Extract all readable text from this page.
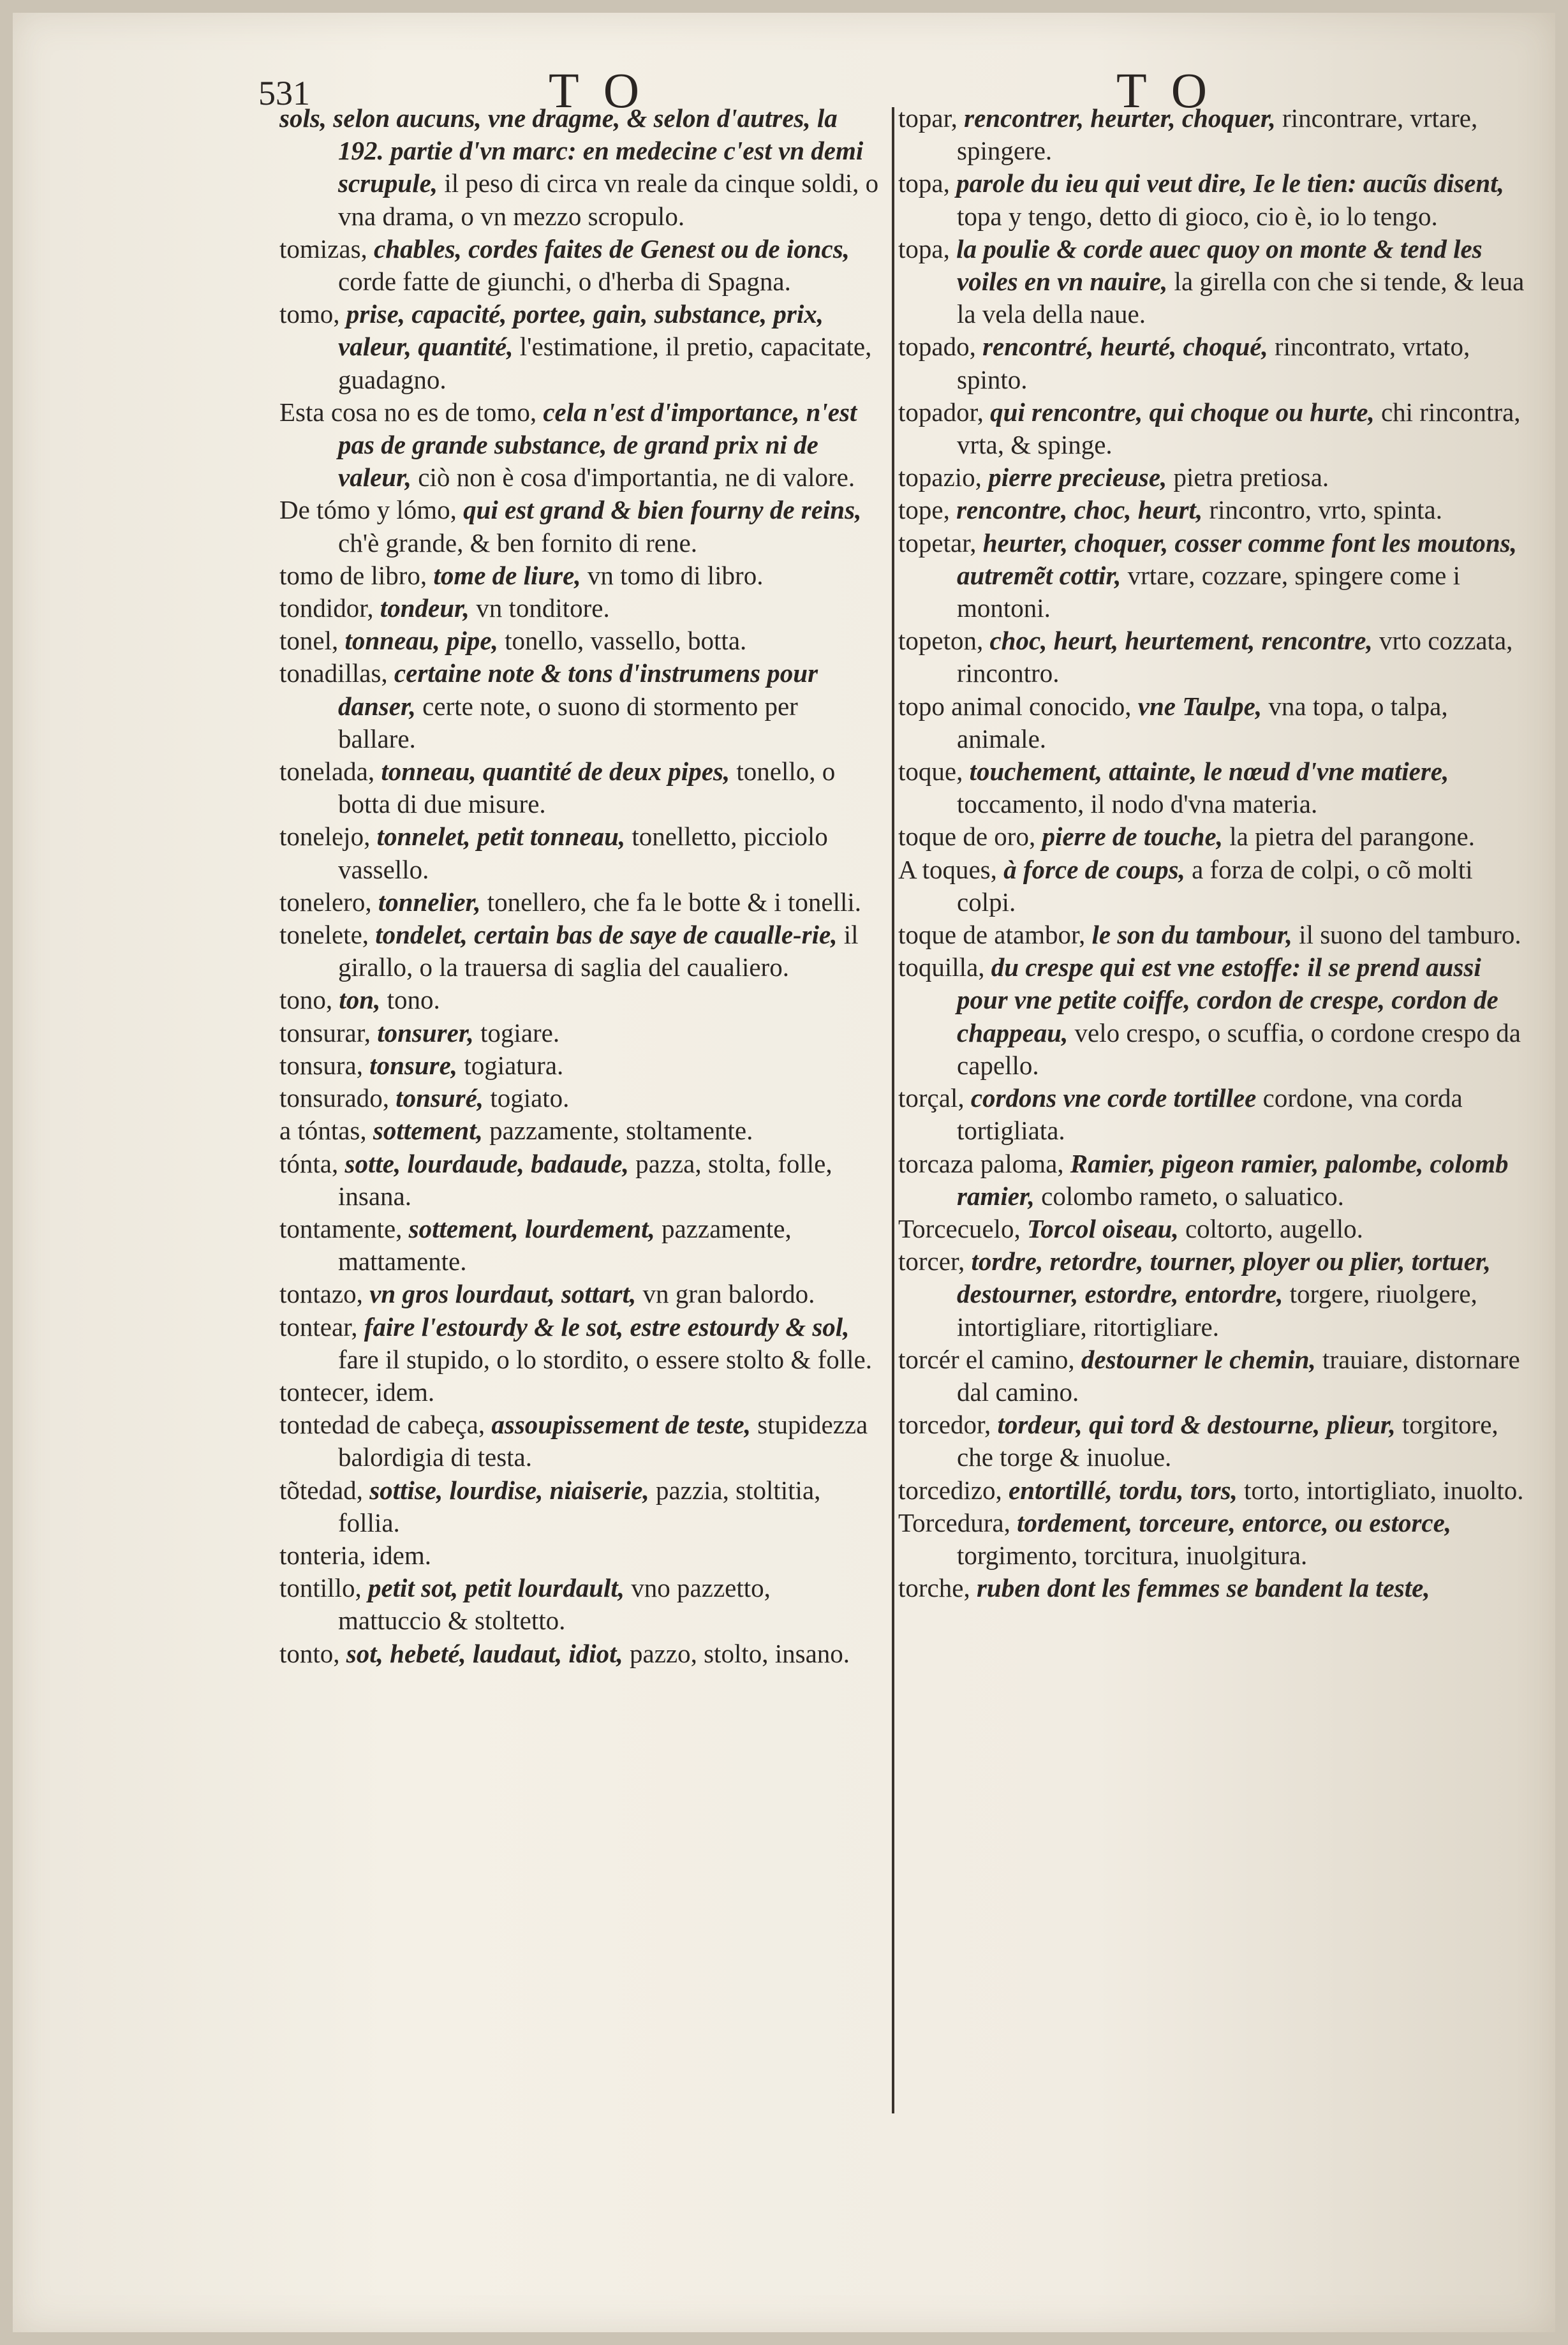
531	T O	T O

sols, selon aucuns, vne dragme, & selon d'autres, la 192. partie d'vn marc: en medecine c'est vn demi scrupule, il peso di circa vn reale da cinque soldi, o vna drama, o vn mezzo scropulo.

tomizas, chables, cordes faites de Genest ou de ioncs, corde fatte de giunchi, o d'herba di Spagna.

tomo, prise, capacité, portee, gain, substance, prix, valeur, quantité, l'estimatione, il pretio, capacitate, guadagno.

Esta cosa no es de tomo, cela n'est d'importance, n'est pas de grande substance, de grand prix ni de valeur, ciò non è cosa d'importantia, ne di valore.

De tómo y lómo, qui est grand & bien fourny de reins, ch'è grande, & ben fornito di rene.

tomo de libro, tome de liure, vn tomo di libro.

tondidor, tondeur, vn tonditore.

tonel, tonneau, pipe, tonello, vassello, botta.

tonadillas, certaine note & tons d'instrumens pour danser, certe note, o suono di stormento per ballare.

tonelada, tonneau, quantité de deux pipes, tonello, o botta di due misure.

tonelejo, tonnelet, petit tonneau, tonelletto, picciolo vassello.

tonelero, tonnelier, tonellero, che fa le botte & i tonelli.

tonelete, tondelet, certain bas de saye de caualle-rie, il girallo, o la trauersa di saglia del caualiero.

tono, ton, tono.

tonsurar, tonsurer, togiare.

tonsura, tonsure, togiatura.

tonsurado, tonsuré, togiato.

a tóntas, sottement, pazzamente, stoltamente.

tónta, sotte, lourdaude, badaude, pazza, stolta, folle, insana.

tontamente, sottement, lourdement, pazzamente, mattamente.

tontazo, vn gros lourdaut, sottart, vn gran balordo.

tontear, faire l'estourdy & le sot, estre estourdy & sol, fare il stupido, o lo stordito, o essere stolto & folle.

tontecer, idem.

tontedad de cabeça, assoupissement de teste, stupidezza balordigia di testa.

tõtedad, sottise, lourdise, niaiserie, pazzia, stoltitia, follia.

tonteria, idem.

tontillo, petit sot, petit lourdault, vno pazzetto, mattuccio & stoltetto.

tonto, sot, hebeté, laudaut, idiot, pazzo, stolto, insano.

topar, rencontrer, heurter, choquer, rincontrare, vrtare, spingere.

topa, parole du ieu qui veut dire, Ie le tien: aucũs disent, topa y tengo, detto di gioco, cio è, io lo tengo.

topa, la poulie & corde auec quoy on monte & tend les voiles en vn nauire, la girella con che si tende, & leua la vela della naue.

topado, rencontré, heurté, choqué, rincontrato, vrtato, spinto.

topador, qui rencontre, qui choque ou hurte, chi rincontra, vrta, & spinge.

topazio, pierre precieuse, pietra pretiosa.

tope, rencontre, choc, heurt, rincontro, vrto, spinta.

topetar, heurter, choquer, cosser comme font les moutons, autremẽt cottir, vrtare, cozzare, spingere come i montoni.

topeton, choc, heurt, heurtement, rencontre, vrto cozzata, rincontro.

topo animal conocido, vne Taulpe, vna topa, o talpa, animale.

toque, touchement, attainte, le nœud d'vne matiere, toccamento, il nodo d'vna materia.

toque de oro, pierre de touche, la pietra del parangone.

A toques, à force de coups, a forza de colpi, o cõ molti colpi.

toque de atambor, le son du tambour, il suono del tamburo.

toquilla, du crespe qui est vne estoffe: il se prend aussi pour vne petite coiffe, cordon de crespe, cordon de chappeau, velo crespo, o scuffia, o cordone crespo da capello.

torçal, cordons vne corde tortillee cordone, vna corda tortigliata.

torcaza paloma, Ramier, pigeon ramier, palombe, colomb ramier, colombo rameto, o saluatico.

Torcecuelo, Torcol oiseau, coltorto, augello.

torcer, tordre, retordre, tourner, ployer ou plier, tortuer, destourner, estordre, entordre, torgere, riuolgere, intortigliare, ritortigliare.

torcér el camino, destourner le chemin, trauiare, distornare dal camino.

torcedor, tordeur, qui tord & destourne, plieur, torgitore, che torge & inuolue.

torcedizo, entortillé, tordu, tors, torto, intortigliato, inuolto.

Torcedura, tordement, torceure, entorce, ou estorce, torgimento, torcitura, inuolgitura.

torche, ruben dont les femmes se bandent la teste,
